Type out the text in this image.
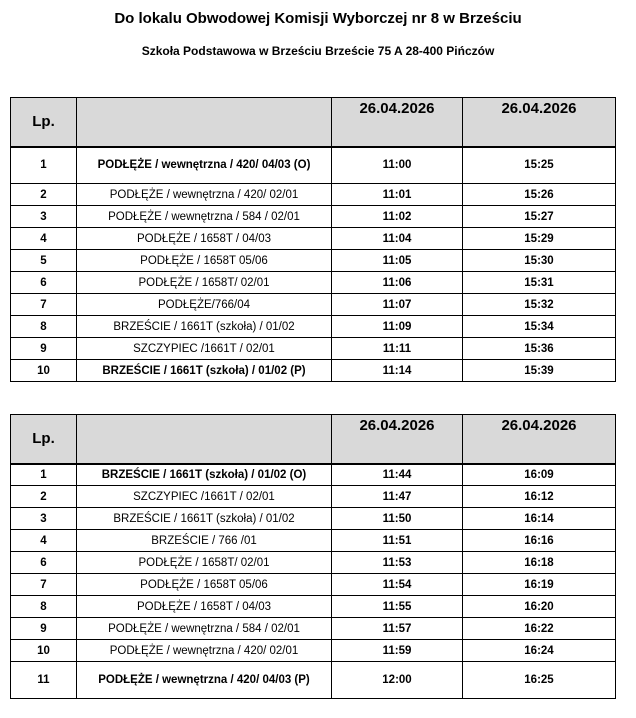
Do lokalu Obwodowej Komisji Wyborczej nr 8 w Brześciu
Szkoła Podstawowa w Brześciu Brzeście 75 A 28-400 Pińczów
Lp.		26.04.2026	26.04.2026
1	PODŁĘŻE / wewnętrzna / 420/ 04/03 (O)	11:00	15:25
2	PODŁĘŻE / wewnętrzna / 420/ 02/01	11:01	15:26
3	PODŁĘŻE / wewnętrzna / 584 / 02/01	11:02	15:27
4	PODŁĘŻE / 1658T / 04/03	11:04	15:29
5	PODŁĘŻE / 1658T 05/06	11:05	15:30
6	PODŁĘŻE / 1658T/ 02/01	11:06	15:31
7	PODŁĘŻE/766/04	11:07	15:32
8	BRZEŚCIE / 1661T (szkoła) / 01/02	11:09	15:34
9	SZCZYPIEC /1661T / 02/01	11:11	15:36
10	BRZEŚCIE / 1661T (szkoła) / 01/02 (P)	11:14	15:39
Lp.		26.04.2026	26.04.2026
1	BRZEŚCIE / 1661T (szkoła) / 01/02 (O)	11:44	16:09
2	SZCZYPIEC /1661T / 02/01	11:47	16:12
3	BRZEŚCIE / 1661T (szkoła) / 01/02	11:50	16:14
4	BRZEŚCIE / 766 /01	11:51	16:16
6	PODŁĘŻE / 1658T/ 02/01	11:53	16:18
7	PODŁĘŻE / 1658T 05/06	11:54	16:19
8	PODŁĘŻE / 1658T / 04/03	11:55	16:20
9	PODŁĘŻE / wewnętrzna / 584 / 02/01	11:57	16:22
10	PODŁĘŻE / wewnętrzna / 420/ 02/01	11:59	16:24
11	PODŁĘŻE / wewnętrzna / 420/ 04/03 (P)	12:00	16:25
